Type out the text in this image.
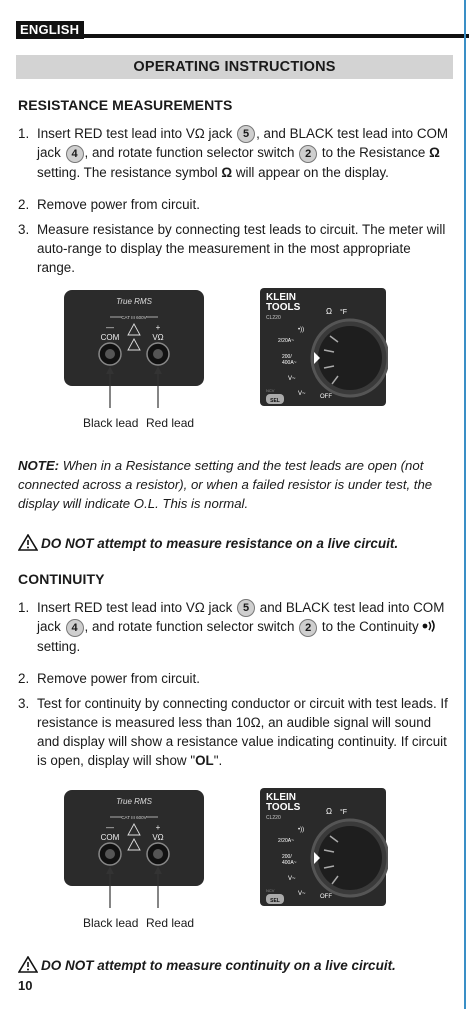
ENGLISH
OPERATING INSTRUCTIONS
RESISTANCE MEASUREMENTS
1. Insert RED test lead into VΩ jack 5 , and BLACK test lead into COM jack 4 , and rotate function selector switch 2 to the Resistance Ω setting. The resistance symbol Ω will appear on the display.
2. Remove power from circuit.
3. Measure resistance by connecting test leads to circuit. The meter will auto-range to display the measurement in the most appropriate range.
True RMS
CAT III 600V
—	+
COM	VΩ
Black lead Red lead
KLEIN
TOOLS
CL220
•))
Ω °F
2/20A~
200/
400A~
V~
NCV
V~ OFF
SEL
NOTE: When in a Resistance setting and the test leads are open (not connected across a resistor), or when a failed resistor is under test, the display will indicate O.L. This is normal.
DO NOT attempt to measure resistance on a live circuit.
CONTINUITY
1. Insert RED test lead into VΩ jack 5 and BLACK test lead into COM jack 4 , and rotate function selector switch 2 to the Continuity  setting.
2. Remove power from circuit.
3. Test for continuity by connecting conductor or circuit with test leads. If resistance is measured less than 10Ω, an audible signal will sound and display will show a resistance value indicating continuity. If circuit is open, display will show "OL".
True RMS
CAT III 600V
—	+
COM	VΩ
Black lead Red lead
KLEIN
TOOLS
CL220
•))
Ω °F
2/20A~
200/
400A~
V~
NCV
V~ OFF
SEL
DO NOT attempt to measure continuity on a live circuit.
10
